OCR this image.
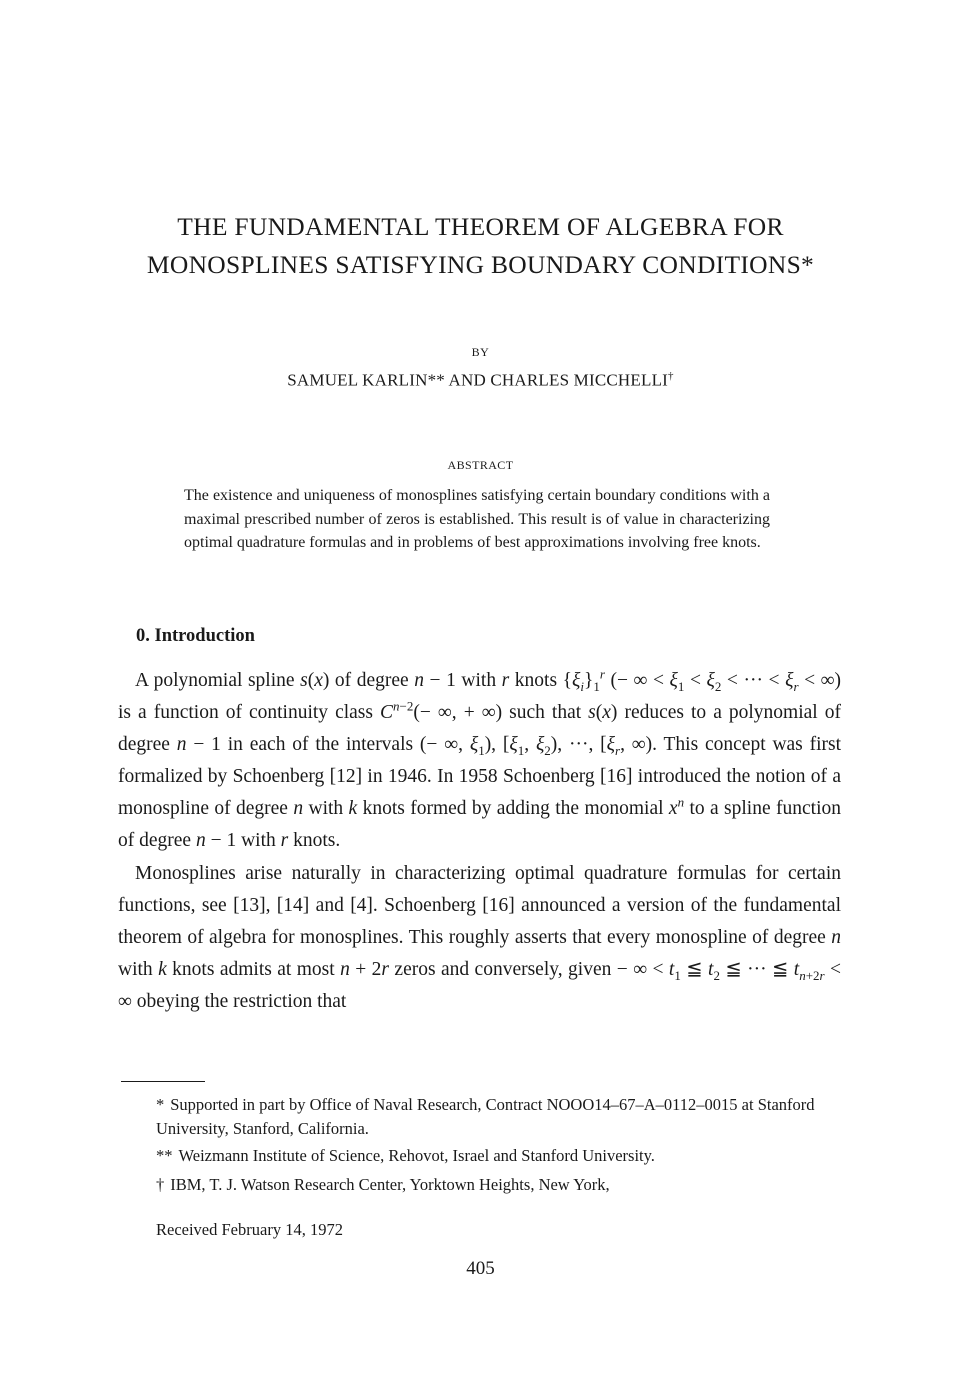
THE FUNDAMENTAL THEOREM OF ALGEBRA FOR
MONOSPLINES SATISFYING BOUNDARY CONDITIONS*
BY
SAMUEL KARLIN** AND CHARLES MICCHELLI†
ABSTRACT
The existence and uniqueness of monosplines satisfying certain boundary conditions with a maximal prescribed number of zeros is established. This result is of value in characterizing optimal quadrature formulas and in problems of best approximations involving free knots.
0. Introduction

A polynomial spline s(x) of degree n − 1 with r knots $\{\xi_i\}_1^r$ (− ∞ < $\xi_1 < \xi_2$ < ··· < $\xi_r$ < ∞) is a function of continuity class $C^{n-2}(-$ ∞, + ∞) such that s(x) reduces to a polynomial of degree n − 1 in each of the intervals (− ∞, $\xi_1$), [$\xi_1$, $\xi_2$), ···, [$\xi_r$, ∞). This concept was first formalized by Schoenberg [12] in 1946. In 1958 Schoenberg [16] introduced the notion of a monospline of degree n with k knots formed by adding the monomial $x^n$ to a spline function of degree n − 1 with r knots.

Monosplines arise naturally in characterizing optimal quadrature formulas for certain functions, see [13], [14] and [4]. Schoenberg [16] announced a version of the fundamental theorem of algebra for monosplines. This roughly asserts that every monospline of degree n with k knots admits at most n + 2r zeros and conversely, given − ∞ < $t_1$ ≦ $t_2$ ≦ ··· ≦ $t_{n+2r}$ < ∞ obeying the restriction that

* Supported in part by Office of Naval Research, Contract NOOO14–67–A–0112–0015 at Stanford University, Stanford, California.
** Weizmann Institute of Science, Rehovot, Israel and Stanford University.
† IBM, T. J. Watson Research Center, Yorktown Heights, New York,
Received February 14, 1972
405
